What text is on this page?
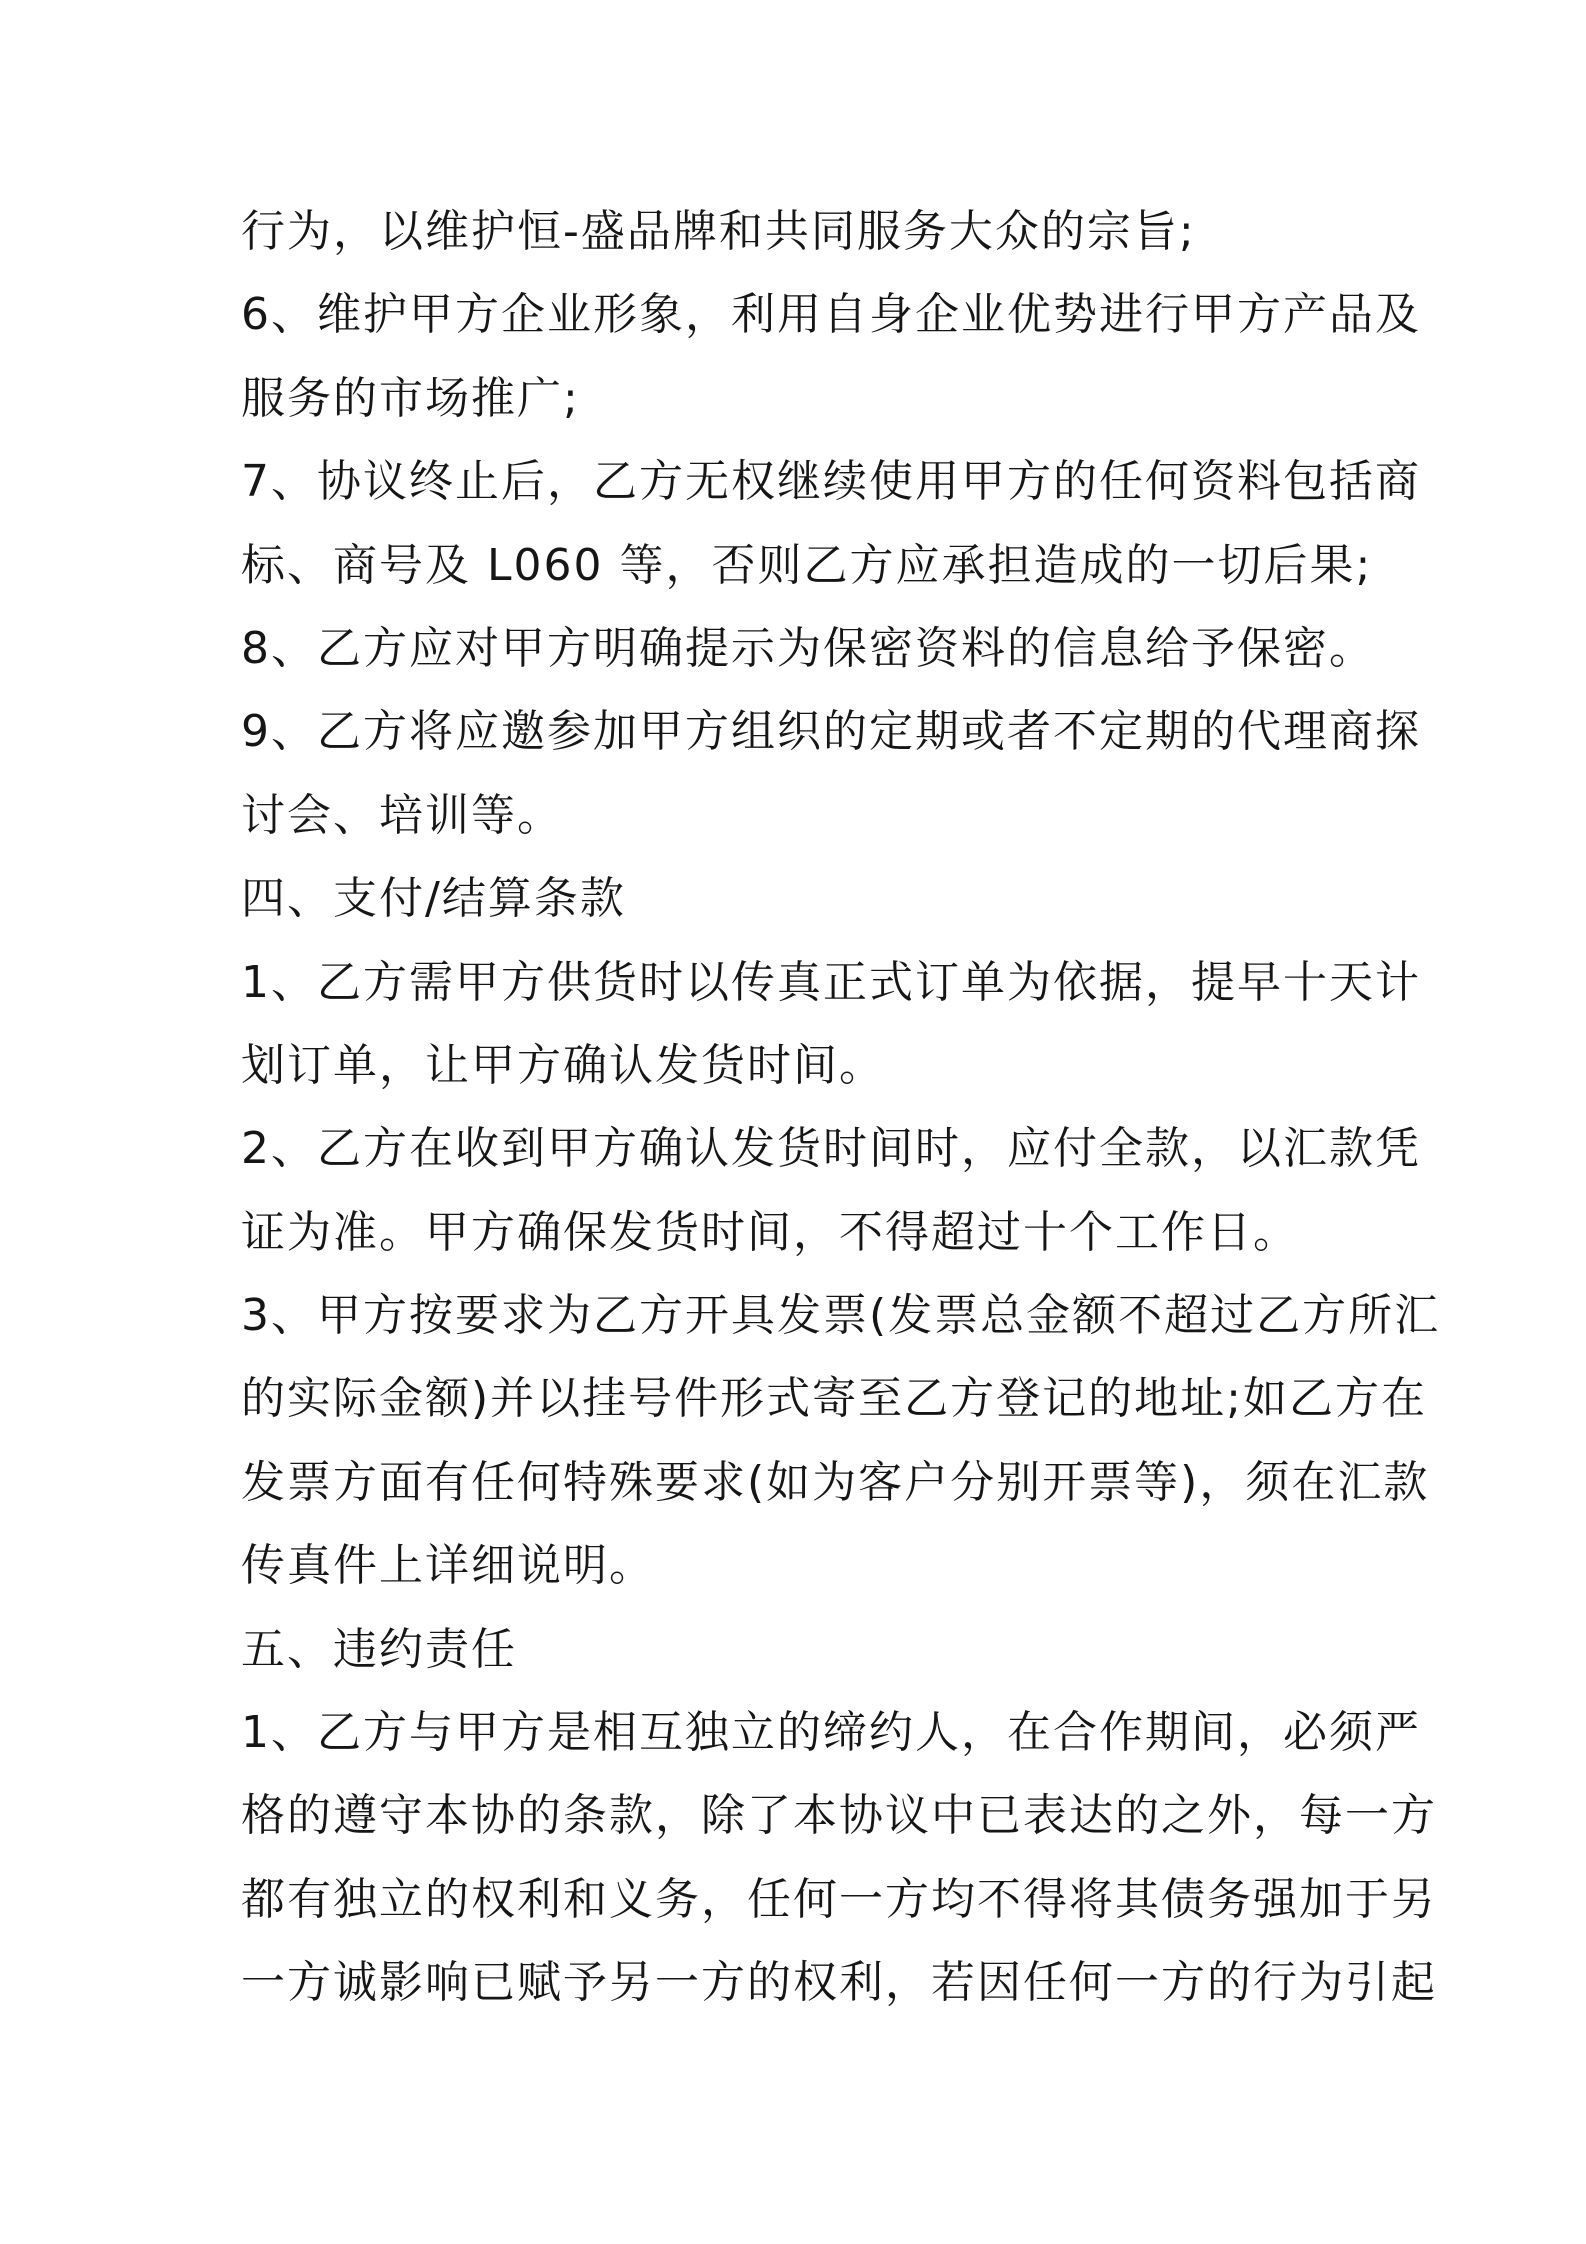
行为，以维护恒-盛品牌和共同服务大众的宗旨;
6、维护甲方企业形象，利用自身企业优势进行甲方产品及
服务的市场推广;
7、协议终止后，乙方无权继续使用甲方的任何资料包括商
标、商号及 L060 等，否则乙方应承担造成的一切后果;
8、乙方应对甲方明确提示为保密资料的信息给予保密。
9、乙方将应邀参加甲方组织的定期或者不定期的代理商探
讨会、培训等。
四、支付/结算条款
1、乙方需甲方供货时以传真正式订单为依据，提早十天计
划订单，让甲方确认发货时间。
2、乙方在收到甲方确认发货时间时，应付全款，以汇款凭
证为准。甲方确保发货时间，不得超过十个工作日。
3、甲方按要求为乙方开具发票(发票总金额不超过乙方所汇
的实际金额)并以挂号件形式寄至乙方登记的地址;如乙方在
发票方面有任何特殊要求(如为客户分别开票等)，须在汇款
传真件上详细说明。
五、违约责任
1、乙方与甲方是相互独立的缔约人，在合作期间，必须严
格的遵守本协的条款，除了本协议中已表达的之外，每一方
都有独立的权利和义务，任何一方均不得将其债务强加于另
一方诚影响已赋予另一方的权利，若因任何一方的行为引起
